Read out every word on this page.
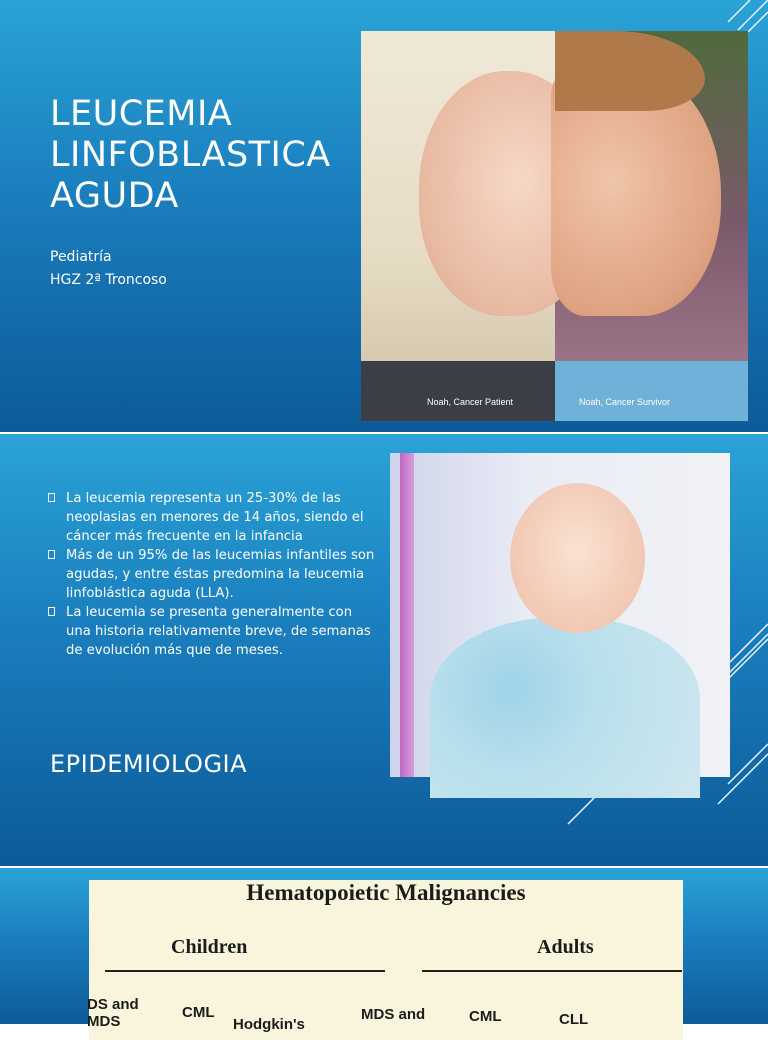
LEUCEMIA
LINFOBLASTICA
AGUDA
Pediatría
HGZ 2ª Troncoso
Noah, Cancer Patient	Noah, Cancer Survivor
La leucemia representa un 25-30% de las neoplasias en menores de 14 años, siendo el cáncer más frecuente en la infancia
Más de un 95% de las leucemias infantiles son agudas, y entre éstas predomina la leucemia linfoblástica aguda (LLA).
La leucemia se presenta generalmente con una historia relativamente breve, de semanas de evolución más que de meses.
EPIDEMIOLOGIA
Hematopoietic Malignancies
Children	Adults
DS and
MDS
CML
Hodgkin's
MDS and	CML	CLL
